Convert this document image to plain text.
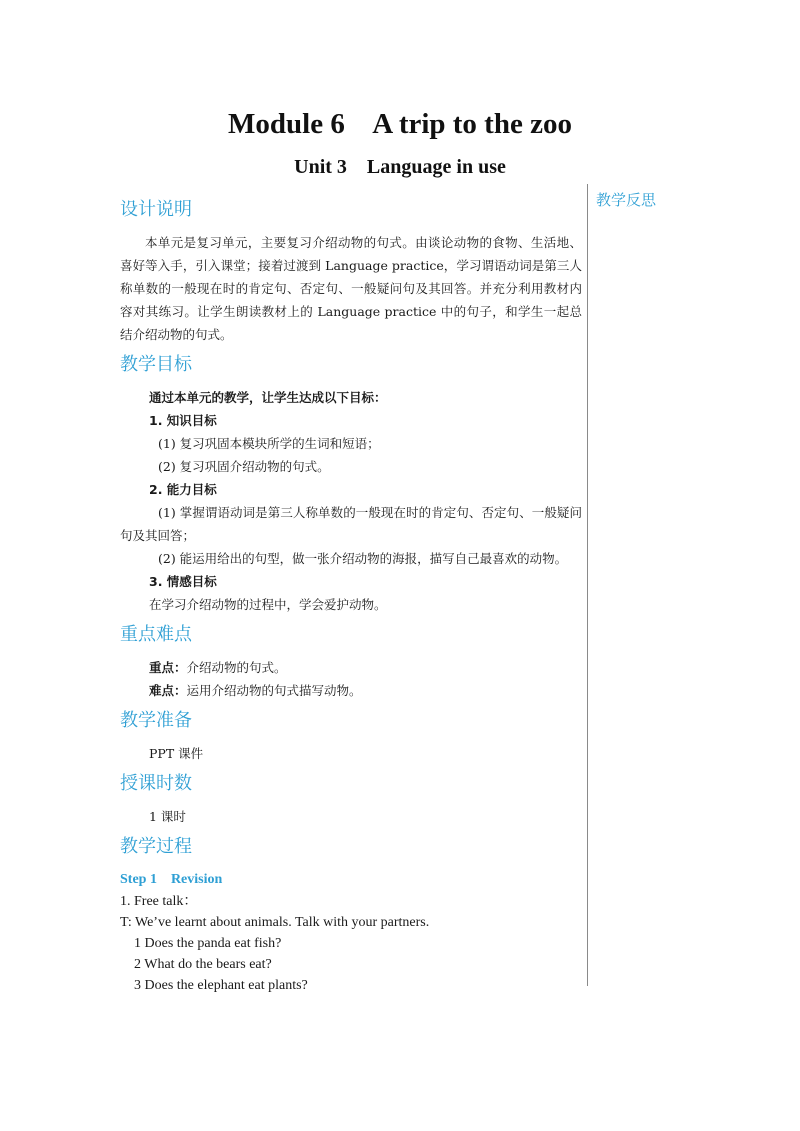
Module 6    A trip to the zoo
Unit 3    Language in use
教学反思
设计说明

本单元是复习单元，主要复习介绍动物的句式。由谈论动物的食物、生活地、喜好等入手，引入课堂；接着过渡到 Language practice，学习谓语动词是第三人称单数的一般现在时的肯定句、否定句、一般疑问句及其回答。并充分利用教材内容对其练习。让学生朗读教材上的 Language practice 中的句子，和学生一起总结介绍动物的句式。

教学目标

通过本单元的教学，让学生达成以下目标：

1. 知识目标

(1) 复习巩固本模块所学的生词和短语；

(2) 复习巩固介绍动物的句式。

2. 能力目标

(1) 掌握谓语动词是第三人称单数的一般现在时的肯定句、否定句、一般疑问句及其回答；

(2) 能运用给出的句型，做一张介绍动物的海报，描写自己最喜欢的动物。

3. 情感目标

在学习介绍动物的过程中，学会爱护动物。

重点难点

重点：介绍动物的句式。

难点：运用介绍动物的句式描写动物。

教学准备

PPT 课件

授课时数

1 课时

教学过程
Step 1    Revision

1. Free talk：

T: We’ve learnt about animals. Talk with your partners.

1 Does the panda eat fish?

2 What do the bears eat?

3 Does the elephant eat plants?
